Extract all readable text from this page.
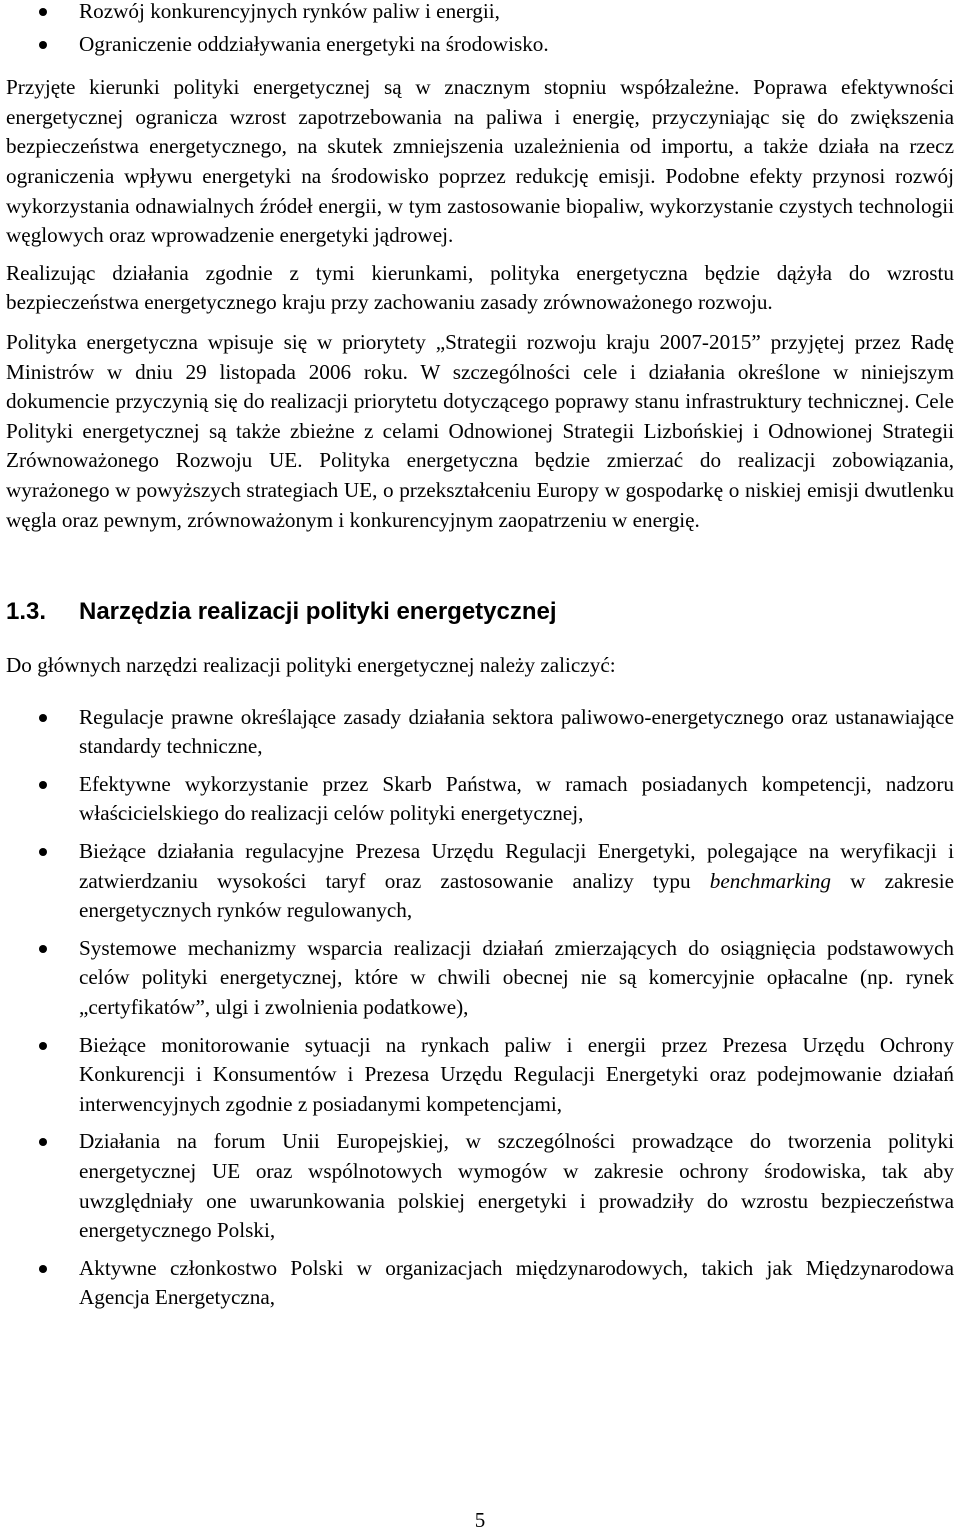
Rozwój konkurencyjnych rynków paliw i energii,
Ograniczenie oddziaływania energetyki na środowisko.

Przyjęte kierunki polityki energetycznej są w znacznym stopniu współzależne. Poprawa efektywności energetycznej ogranicza wzrost zapotrzebowania na paliwa i energię, przyczyniając się do zwiększenia bezpieczeństwa energetycznego, na skutek zmniejszenia uzależnienia od importu, a także działa na rzecz ograniczenia wpływu energetyki na środowisko poprzez redukcję emisji. Podobne efekty przynosi rozwój wykorzystania odnawialnych źródeł energii, w tym zastosowanie biopaliw, wykorzystanie czystych technologii węglowych oraz wprowadzenie energetyki jądrowej.

Realizując działania zgodnie z tymi kierunkami, polityka energetyczna będzie dążyła do wzrostu bezpieczeństwa energetycznego kraju przy zachowaniu zasady zrównoważonego rozwoju.

Polityka energetyczna wpisuje się w priorytety „Strategii rozwoju kraju 2007-2015” przyjętej przez Radę Ministrów w dniu 29 listopada 2006 roku. W szczególności cele i działania określone w niniejszym dokumencie przyczynią się do realizacji priorytetu dotyczącego poprawy stanu infrastruktury technicznej. Cele Polityki energetycznej są także zbieżne z celami Odnowionej Strategii Lizbońskiej i Odnowionej Strategii Zrównoważonego Rozwoju UE. Polityka energetyczna będzie zmierzać do realizacji zobowiązania, wyrażonego w powyższych strategiach UE, o przekształceniu Europy w gospodarkę o niskiej emisji dwutlenku węgla oraz pewnym, zrównoważonym i konkurencyjnym zaopatrzeniu w energię.

1.3.	Narzędzia realizacji polityki energetycznej

Do głównych narzędzi realizacji polityki energetycznej należy zaliczyć:

Regulacje prawne określające zasady działania sektora paliwowo-energetycznego oraz ustanawiające standardy techniczne,
Efektywne wykorzystanie przez Skarb Państwa, w ramach posiadanych kompetencji, nadzoru właścicielskiego do realizacji celów polityki energetycznej,
Bieżące działania regulacyjne Prezesa Urzędu Regulacji Energetyki, polegające na weryfikacji i zatwierdzaniu wysokości taryf oraz zastosowanie analizy typu benchmarking w zakresie energetycznych rynków regulowanych,
Systemowe mechanizmy wsparcia realizacji działań zmierzających do osiągnięcia podstawowych celów polityki energetycznej, które w chwili obecnej nie są komercyjnie opłacalne (np. rynek „certyfikatów”, ulgi i zwolnienia podatkowe),
Bieżące monitorowanie sytuacji na rynkach paliw i energii przez Prezesa Urzędu Ochrony Konkurencji i Konsumentów i Prezesa Urzędu Regulacji Energetyki oraz podejmowanie działań interwencyjnych zgodnie z posiadanymi kompetencjami,
Działania na forum Unii Europejskiej, w szczególności prowadzące do tworzenia polityki energetycznej UE oraz wspólnotowych wymogów w zakresie ochrony środowiska, tak aby uwzględniały one uwarunkowania polskiej energetyki i prowadziły do wzrostu bezpieczeństwa energetycznego Polski,
Aktywne członkostwo Polski w organizacjach międzynarodowych, takich jak Międzynarodowa Agencja Energetyczna,
5
